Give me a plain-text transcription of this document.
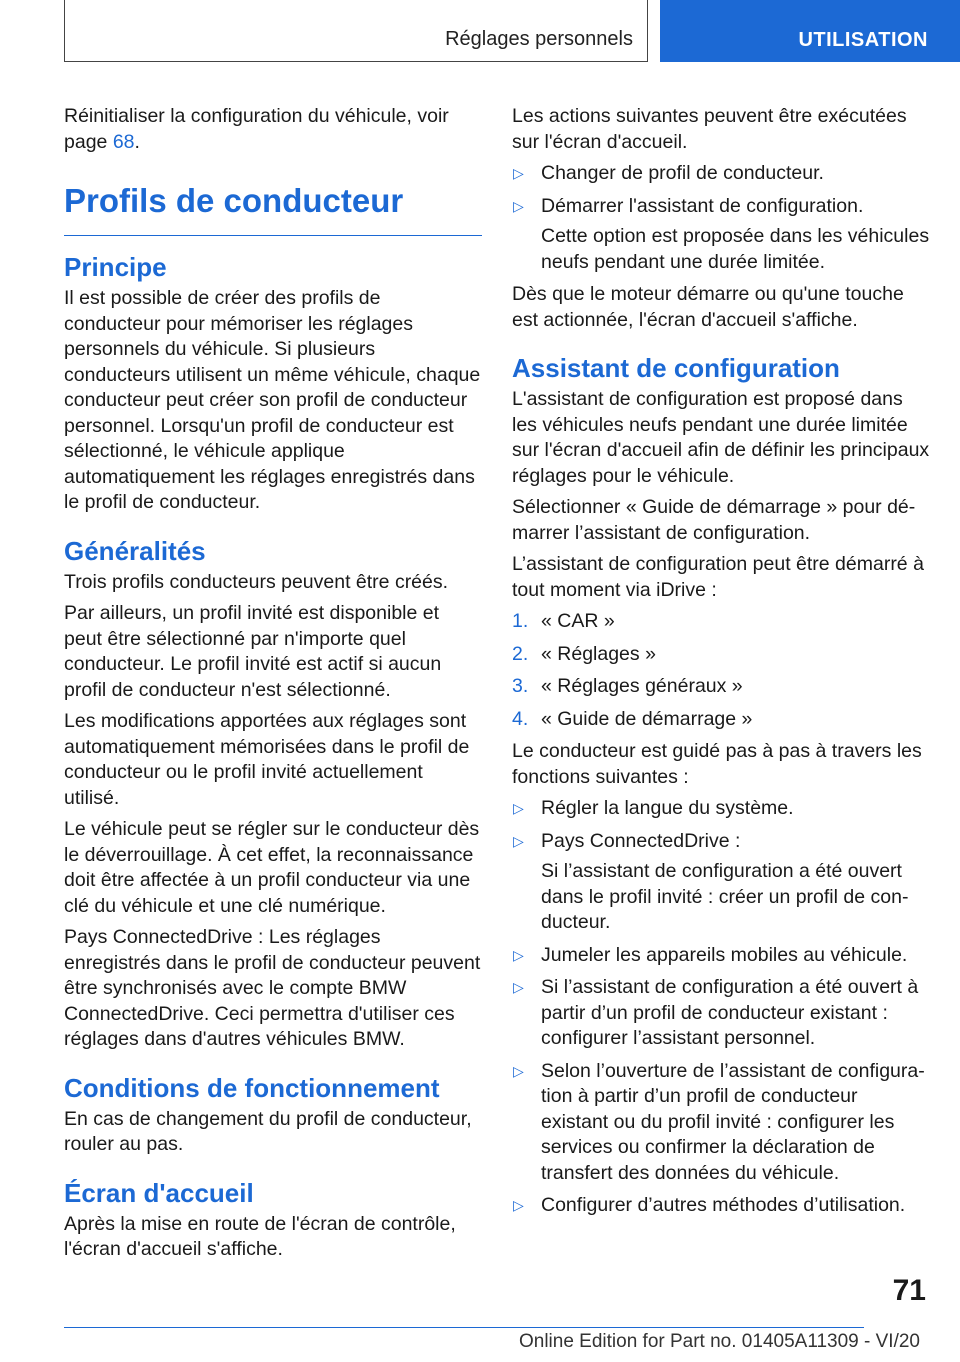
Réglages personnels	UTILISATION

Réinitialiser la configuration du véhicule, voir page 68.

Profils de conducteur
Principe

Il est possible de créer des profils de conducteur pour mémoriser les réglages personnels du véhicule. Si plusieurs conducteurs utilisent un même véhicule, chaque conducteur peut créer son profil de conducteur personnel. Lorsqu'un profil de conducteur est sélectionné, le véhicule applique automatiquement les réglages enregistrés dans le profil de conducteur.

Généralités

Trois profils conducteurs peuvent être créés.

Par ailleurs, un profil invité est disponible et peut être sélectionné par n'importe quel conducteur. Le profil invité est actif si aucun profil de conducteur n'est sélectionné.

Les modifications apportées aux réglages sont automatiquement mémorisées dans le profil de conducteur ou le profil invité actuellement utilisé.

Le véhicule peut se régler sur le conducteur dès le déverrouillage. À cet effet, la reconnaissance doit être affectée à un profil conducteur via une clé du véhicule et une clé numérique.

Pays ConnectedDrive : Les réglages enregistrés dans le profil de conducteur peuvent être synchronisés avec le compte BMW ConnectedDrive. Ceci permettra d'utiliser ces réglages dans d'autres véhicules BMW.

Conditions de fonctionnement

En cas de changement du profil de conducteur, rouler au pas.

Écran d'accueil

Après la mise en route de l'écran de contrôle, l'écran d'accueil s'affiche.

Les actions suivantes peuvent être exécutées sur l'écran d'accueil.

▷ Changer de profil de conducteur.
▷ Démarrer l'assistant de configuration.
Cette option est proposée dans les véhicules neufs pendant une durée limitée.

Dès que le moteur démarre ou qu'une touche est actionnée, l'écran d'accueil s'affiche.

Assistant de configuration

L'assistant de configuration est proposé dans les véhicules neufs pendant une durée limitée sur l'écran d'accueil afin de définir les principaux réglages pour le véhicule.

Sélectionner « Guide de démarrage » pour démarrer l’assistant de configuration.

L’assistant de configuration peut être démarré à tout moment via iDrive :

1. « CAR »
2. « Réglages »
3. « Réglages généraux »
4. « Guide de démarrage »

Le conducteur est guidé pas à pas à travers les fonctions suivantes :

▷ Régler la langue du système.
▷ Pays ConnectedDrive :
Si l’assistant de configuration a été ouvert dans le profil invité : créer un profil de conducteur.
▷ Jumeler les appareils mobiles au véhicule.
▷ Si l’assistant de configuration a été ouvert à partir d’un profil de conducteur existant : configurer l’assistant personnel.
▷ Selon l’ouverture de l’assistant de configuration à partir d’un profil de conducteur existant ou du profil invité : configurer les services ou confirmer la déclaration de transfert des données du véhicule.
▷ Configurer d’autres méthodes d’utilisation.
71
Online Edition for Part no. 01405A11309 - VI/20
